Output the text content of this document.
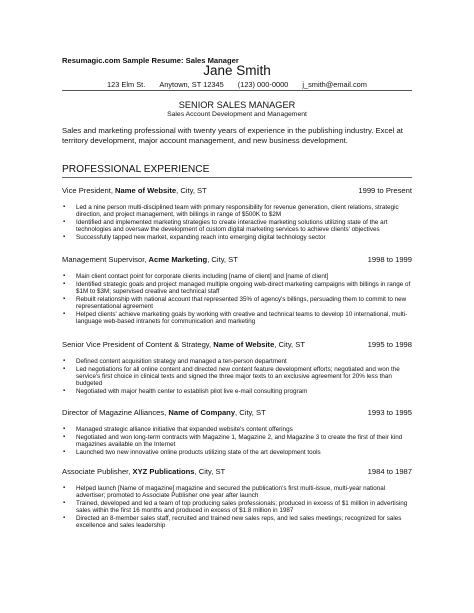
Resumagic.com Sample Resume: Sales Manager
Jane Smith
123 Elm St. Anytown, ST 12345 (123) 000-0000 j_smith@email.com
SENIOR SALES MANAGER
Sales Account Development and Management
Sales and marketing professional with twenty years of experience in the publishing industry. Excel at territory development, major account management, and new business development.
PROFESSIONAL EXPERIENCE
Vice President, Name of Website, City, ST	1999 to Present
▪ Led a nine person multi-disciplined team with primary responsibility for revenue generation, client relations, strategic direction, and project management, with billings in range of $500K to $2M
▪ Identified and implemented marketing strategies to create interactive marketing solutions utilizing state of the art technologies and oversaw the development of custom digital marketing services to achieve clients' objectives
▪ Successfully tapped new market, expanding reach into emerging digital technology sector
Management Supervisor, Acme Marketing, City, ST	1998 to 1999
▪ Main client contact point for corporate clients including [name of client] and [name of client]
▪ Identified strategic goals and project managed multiple ongoing web-direct marketing campaigns with billings in range of $1M to $3M; supervised creative and technical staff
▪ Rebuilt relationship with national account that represented 35% of agency's billings, persuading them to commit to new representational agreement
▪ Helped clients' achieve marketing goals by working with creative and technical teams to develop 10 international, multi-language web-based intranets for communication and marketing
Senior Vice President of Content & Strategy, Name of Website, City, ST	1995 to 1998
▪ Defined content acquisition strategy and managed a ten-person department
▪ Led negotiations for all online content and directed new content feature development efforts; negotiated and won the service's first choice in clinical texts and signed the three major texts to an exclusive agreement for 20% less than budgeted
▪ Negotiated with major health center to establish pilot live e-mail consulting program
Director of Magazine Alliances, Name of Company, City, ST	1993 to 1995
▪ Managed strategic alliance initiative that expanded website's content offerings
▪ Negotiated and won long-term contracts with Magazine 1, Magazine 2, and Magazine 3 to create the first of their kind magazines available on the Internet
▪ Launched two new innovative online products utilizing state of the art development tools
Associate Publisher, XYZ Publications, City, ST	1984 to 1987
▪ Helped launch [Name of magazine] magazine and secured the publication's first multi-issue, multi-year national advertiser; promoted to Associate Publisher one year after launch
▪ Trained, developed and led a team of top producing sales professionals; produced in excess of $1 million in advertising sales within the first 16 months and produced in excess of $1.8 million in 1987
▪ Directed an 8-member sales staff, recruited and trained new sales reps, and led sales meetings; recognized for sales excellence and sales leadership
